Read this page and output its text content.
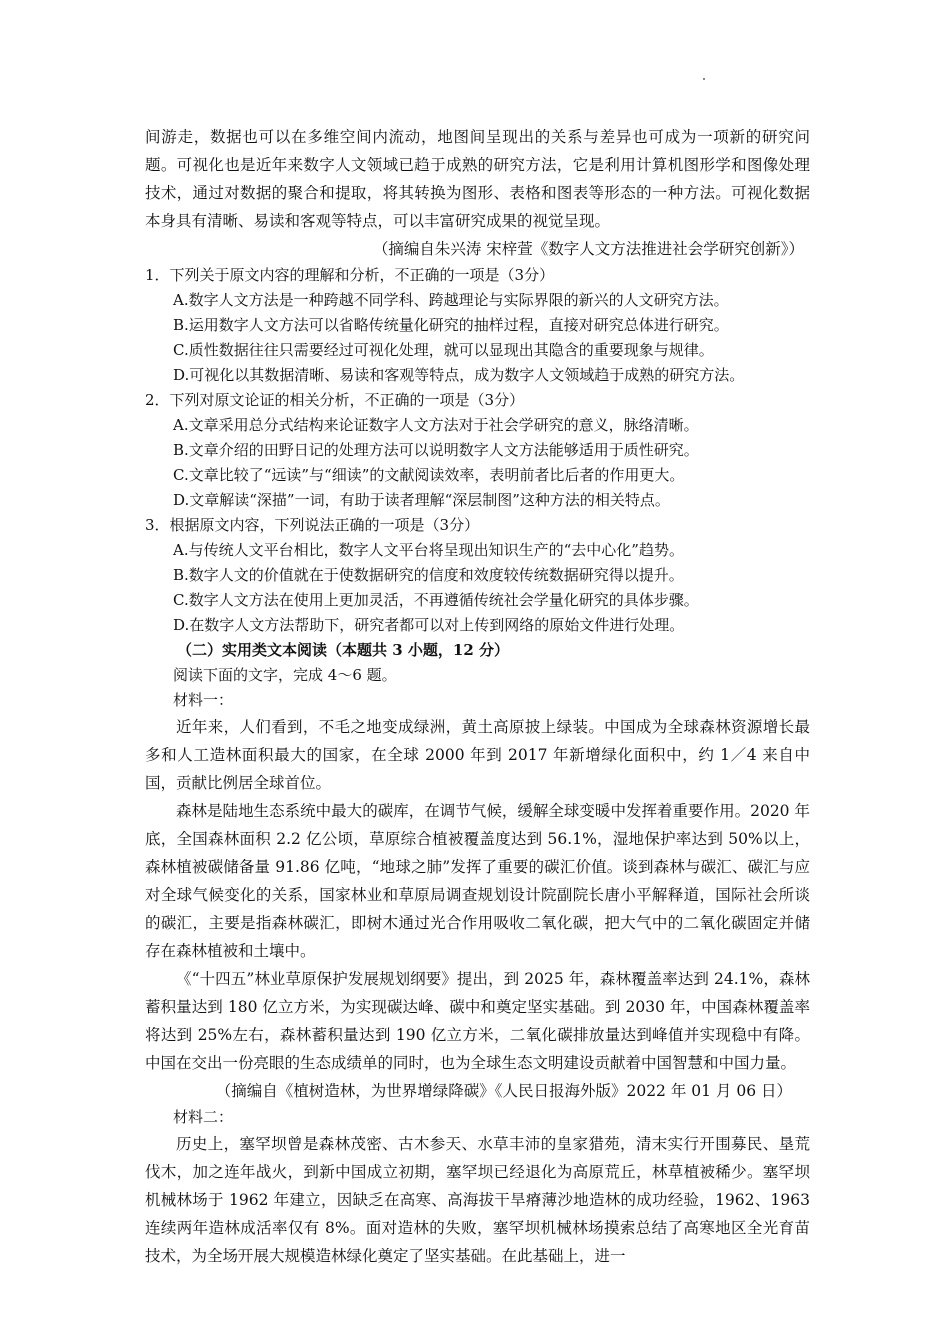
间游走，数据也可以在多维空间内流动，地图间呈现出的关系与差异也可成为一项新的研究问题。可视化也是近年来数字人文领域已趋于成熟的研究方法，它是利用计算机图形学和图像处理技术，通过对数据的聚合和提取，将其转换为图形、表格和图表等形态的一种方法。可视化数据本身具有清晰、易读和客观等特点，可以丰富研究成果的视觉呈现。

（摘编自朱兴涛 宋梓萱《数字人文方法推进社会学研究创新》）

1．下列关于原文内容的理解和分析，不正确的一项是（3分）

A.数字人文方法是一种跨越不同学科、跨越理论与实际界限的新兴的人文研究方法。

B.运用数字人文方法可以省略传统量化研究的抽样过程，直接对研究总体进行研究。

C.质性数据往往只需要经过可视化处理，就可以显现出其隐含的重要现象与规律。

D.可视化以其数据清晰、易读和客观等特点，成为数字人文领域趋于成熟的研究方法。

2．下列对原文论证的相关分析，不正确的一项是（3分）

A.文章采用总分式结构来论证数字人文方法对于社会学研究的意义，脉络清晰。

B.文章介绍的田野日记的处理方法可以说明数字人文方法能够适用于质性研究。

C.文章比较了“远读”与“细读”的文献阅读效率，表明前者比后者的作用更大。

D.文章解读“深描”一词，有助于读者理解“深层制图”这种方法的相关特点。

3．根据原文内容，下列说法正确的一项是（3分）

A.与传统人文平台相比，数字人文平台将呈现出知识生产的“去中心化”趋势。

B.数字人文的价值就在于使数据研究的信度和效度较传统数据研究得以提升。

C.数字人文方法在使用上更加灵活，不再遵循传统社会学量化研究的具体步骤。

D.在数字人文方法帮助下，研究者都可以对上传到网络的原始文件进行处理。

（二）实用类文本阅读（本题共 3 小题，12 分）

阅读下面的文字，完成 4～6 题。

材料一：

近年来，人们看到，不毛之地变成绿洲，黄土高原披上绿装。中国成为全球森林资源增长最多和人工造林面积最大的国家，在全球 2000 年到 2017 年新增绿化面积中，约 1／4 来自中国，贡献比例居全球首位。

森林是陆地生态系统中最大的碳库，在调节气候，缓解全球变暖中发挥着重要作用。2020 年底，全国森林面积 2.2 亿公顷，草原综合植被覆盖度达到 56.1%，湿地保护率达到 50%以上，森林植被碳储备量 91.86 亿吨，“地球之肺”发挥了重要的碳汇价值。谈到森林与碳汇、碳汇与应对全球气候变化的关系，国家林业和草原局调查规划设计院副院长唐小平解释道，国际社会所谈的碳汇，主要是指森林碳汇，即树木通过光合作用吸收二氧化碳，把大气中的二氧化碳固定并储存在森林植被和土壤中。

《“十四五”林业草原保护发展规划纲要》提出，到 2025 年，森林覆盖率达到 24.1%，森林蓄积量达到 180 亿立方米，为实现碳达峰、碳中和奠定坚实基础。到 2030 年，中国森林覆盖率将达到 25%左右，森林蓄积量达到 190 亿立方米，二氧化碳排放量达到峰值并实现稳中有降。中国在交出一份亮眼的生态成绩单的同时，也为全球生态文明建设贡献着中国智慧和中国力量。

（摘编自《植树造林，为世界增绿降碳》《人民日报海外版》2022 年 01 月 06 日）

材料二：

历史上，塞罕坝曾是森林茂密、古木参天、水草丰沛的皇家猎苑，清末实行开围募民、垦荒伐木，加之连年战火，到新中国成立初期，塞罕坝已经退化为高原荒丘，林草植被稀少。塞罕坝机械林场于 1962 年建立，因缺乏在高寒、高海拔干旱瘠薄沙地造林的成功经验，1962、1963 连续两年造林成活率仅有 8%。面对造林的失败，塞罕坝机械林场摸索总结了高寒地区全光育苗技术，为全场开展大规模造林绿化奠定了坚实基础。在此基础上，进一
